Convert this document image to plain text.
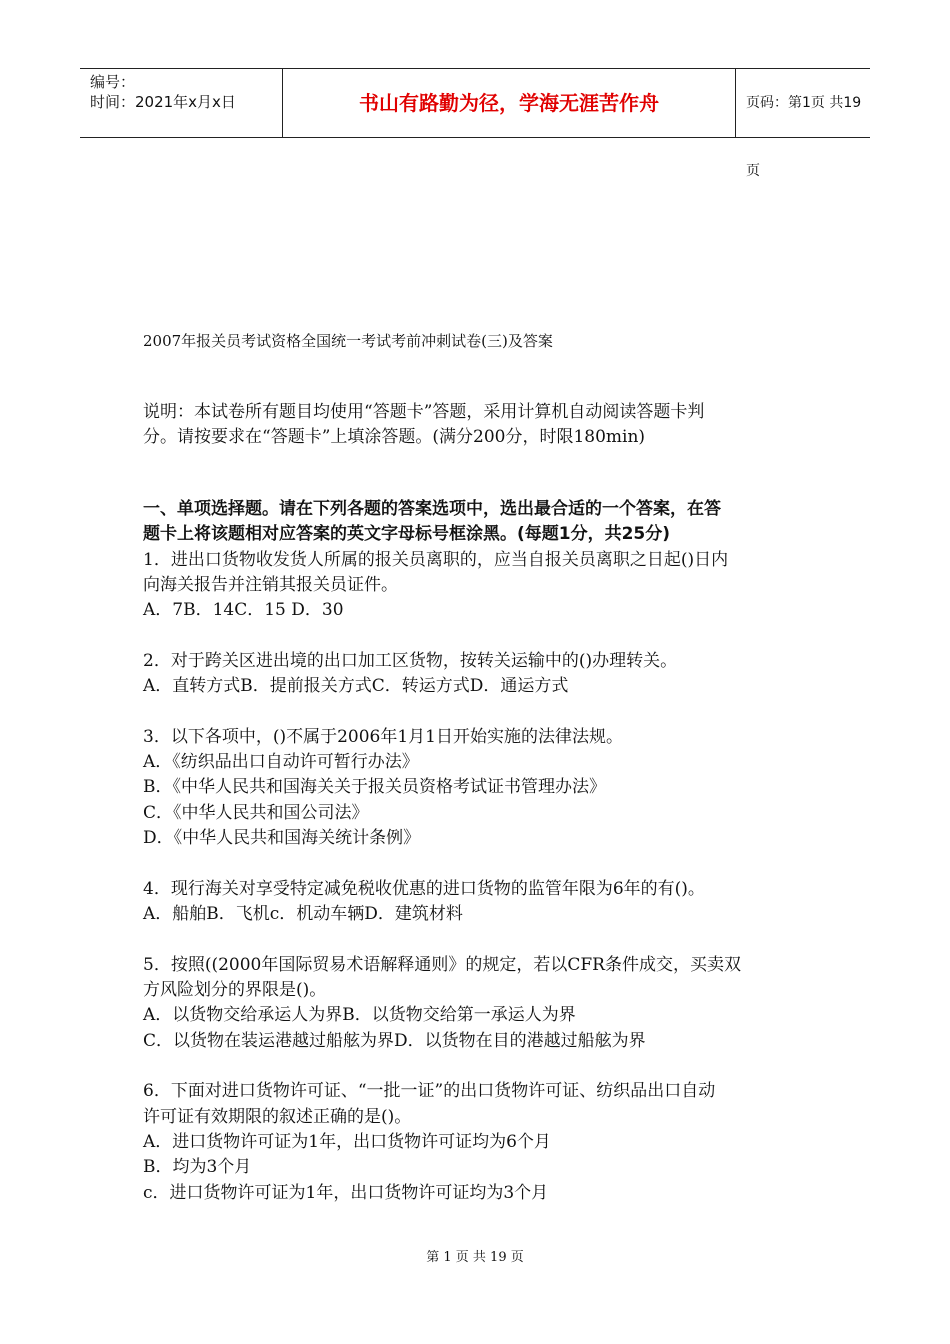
编号：
时间：2021年x月x日	书山有路勤为径，学海无涯苦作舟	页码：第1页 共19页
2007年报关员考试资格全国统一考试考前冲刺试卷(三)及答案

说明：本试卷所有题目均使用“答题卡”答题，采用计算机自动阅读答题卡判

分。请按要求在“答题卡”上填涂答题。(满分200分，时限180min)

一、单项选择题。请在下列各题的答案选项中，选出最合适的一个答案，在答

题卡上将该题相对应答案的英文字母标号框涂黑。(每题1分，共25分)

1．进出口货物收发货人所属的报关员离职的，应当自报关员离职之日起()日内

向海关报告并注销其报关员证件。

A．7B．14C．15 D．30

2．对于跨关区进出境的出口加工区货物，按转关运输中的()办理转关。

A．直转方式B．提前报关方式C．转运方式D．通运方式

3．以下各项中，()不属于2006年1月1日开始实施的法律法规。

A．《纺织品出口自动许可暂行办法》

B．《中华人民共和国海关关于报关员资格考试证书管理办法》

C．《中华人民共和国公司法》

D．《中华人民共和国海关统计条例》

4．现行海关对享受特定减免税收优惠的进口货物的监管年限为6年的有()。

A．船舶B．飞机c．机动车辆D．建筑材料

5．按照((2000年国际贸易术语解释通则》的规定，若以CFR条件成交，买卖双

方风险划分的界限是()。

A．以货物交给承运人为界B．以货物交给第一承运人为界

C．以货物在装运港越过船舷为界D．以货物在目的港越过船舷为界

6．下面对进口货物许可证、“一批一证”的出口货物许可证、纺织品出口自动

许可证有效期限的叙述正确的是()。

A．进口货物许可证为1年，出口货物许可证均为6个月

B．均为3个月

c．进口货物许可证为1年，出口货物许可证均为3个月

第 1 页 共 19 页
